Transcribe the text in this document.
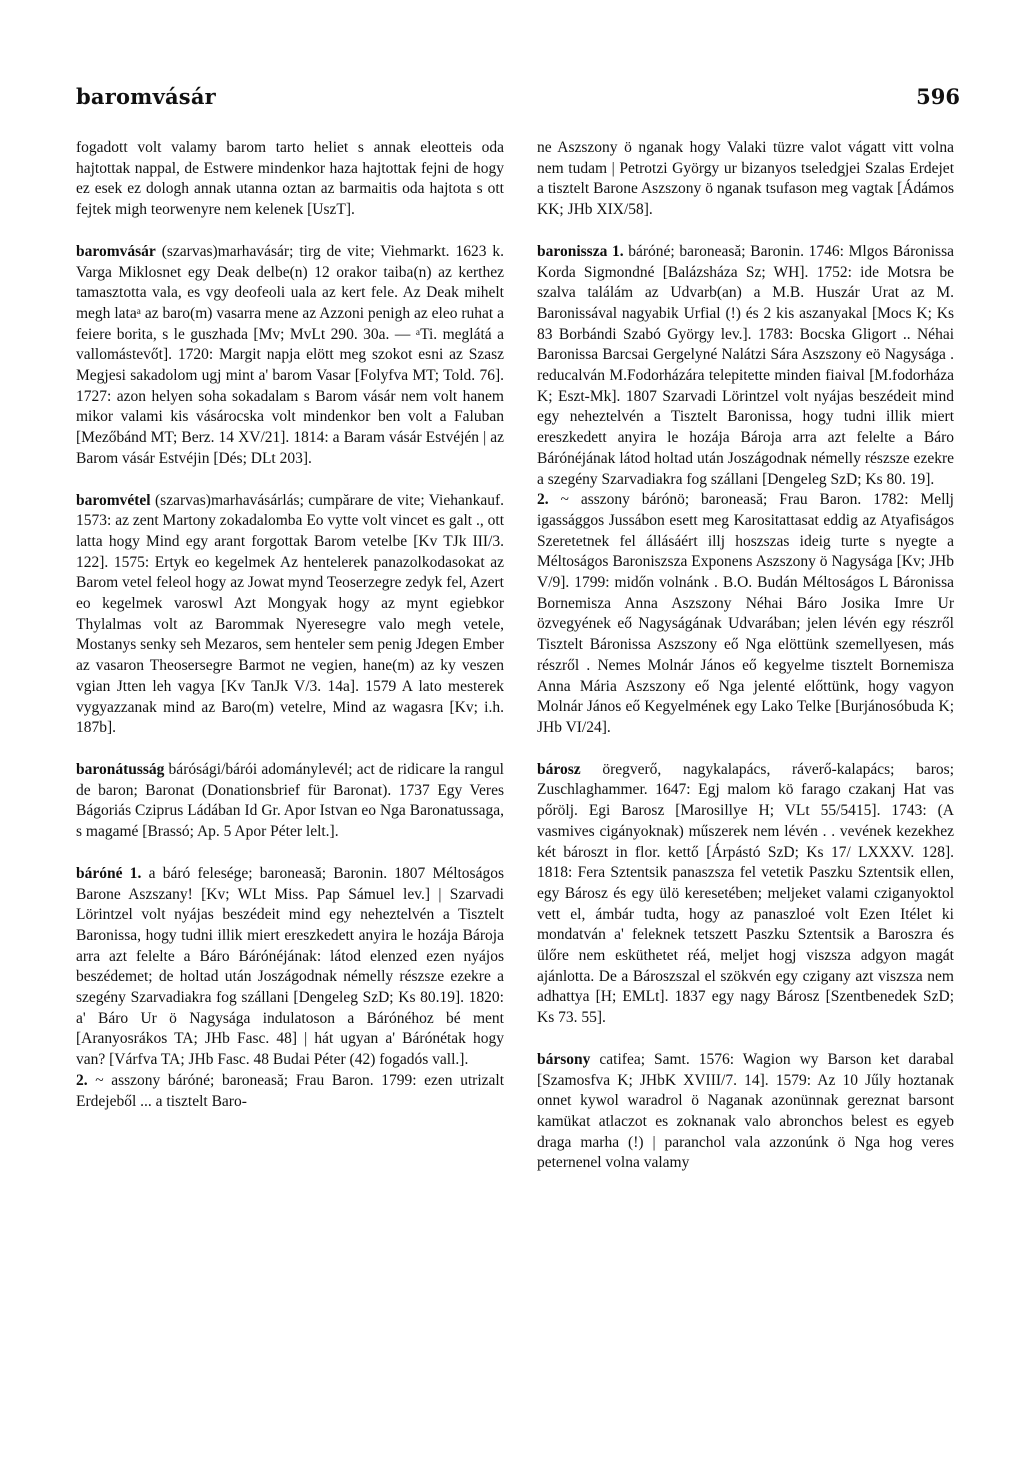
baromvásár	596

fogadott volt valamy barom tarto heliet s annak eleotteis oda hajtottak nappal, de Estwere mindenkor haza hajtottak fejni de hogy ez esek ez dologh annak utanna oztan az barmaitis oda hajtota s ott fejtek migh teorwenyre nem kelenek [UszT].

baromvásár (szarvas)marhavásár; tirg de vite; Viehmarkt. 1623 k. Varga Miklosnet egy Deak delbe(n) 12 orakor taiba(n) az kerthez tamasztotta vala, es vgy deofeoli uala az kert fele. Az Deak mihelt megh lataᵃ az baro(m) vasarra mene az Azzoni penigh az eleo ruhat a feiere borita, s le guszhada [Mv; MvLt 290. 30a. — ᵃTi. meglátá a vallomástevőt]. 1720: Margit napja elött meg szokot esni az Szasz Megjesi sakadolom ugj mint a' barom Vasar [Folyfva MT; Told. 76]. 1727: azon helyen soha sokadalam s Barom vásár nem volt hanem mikor valami kis vásárocska volt mindenkor ben volt a Faluban [Mezőbánd MT; Berz. 14 XV/21]. 1814: a Baram vásár Estvéjén | az Barom vásár Estvéjin [Dés; DLt 203].

baromvétel (szarvas)marhavásárlás; cumpărare de vite; Viehankauf. 1573: az zent Martony zokadalomba Eo vytte volt vincet es galt ., ott latta hogy Mind egy arant forgottak Barom vetelbe [Kv TJk III/3. 122]. 1575: Ertyk eo kegelmek Az hentelerek panazolkodasokat az Barom vetel feleol hogy az Jowat mynd Teoserzegre zedyk fel, Azert eo kegelmek varoswl Azt Mongyak hogy az mynt egiebkor Thylalmas volt az Barommak Nyeresegre valo megh vetele, Mostanys senky seh Mezaros, sem henteler sem penig Jdegen Ember az vasaron Theosersegre Barmot ne vegien, hane(m) az ky veszen vgian Jtten leh vagya [Kv TanJk V/3. 14a]. 1579 A lato mesterek vygyazzanak mind az Baro(m) vetelre, Mind az wagasra [Kv; i.h. 187b].

baronátusság bárósági/bárói adománylevél; act de ridicare la rangul de baron; Baronat (Donationsbrief für Baronat). 1737 Egy Veres Bágoriás Cziprus Ládában Id Gr. Apor Istvan eo Nga Baronatussaga, s magamé [Brassó; Ap. 5 Apor Péter lelt.].

báróné 1. a báró felesége; baroneasă; Baronin. 1807 Méltoságos Barone Aszszany! [Kv; WLt Miss. Pap Sámuel lev.] | Szarvadi Lörintzel volt nyájas beszédeit mind egy neheztelvén a Tisztelt Baronissa, hogy tudni illik miert ereszkedett anyira le hozája Bároja arra azt felelte a Báro Bárónéjának: látod elenzed ezen nyájos beszédemet; de holtad után Joszágodnak némelly részsze ezekre a szegény Szarvadiakra fog szállani [Dengeleg SzD; Ks 80.19]. 1820: a' Báro Ur ö Nagysága indulatoson a Bárónéhoz bé ment [Aranyosrákos TA; JHb Fasc. 48] | hát ugyan a' Bárónétak hogy van? [Várfva TA; JHb Fasc. 48 Budai Péter (42) fogadós vall.].

2. ~ asszony báróné; baroneasă; Frau Baron. 1799: ezen utrizalt Erdejeből ... a tisztelt Baro-

ne Aszszony ö nganak hogy Valaki tüzre valot vágatt vitt volna nem tudam | Petrotzi György ur bizanyos tseledgjei Szalas Erdejet a tisztelt Barone Aszszony ö nganak tsufason meg vagtak [Ádámos KK; JHb XIX/58].

baronissza 1. báróné; baroneasă; Baronin. 1746: Mlgos Báronissa Korda Sigmondné [Balázsháza Sz; WH]. 1752: ide Motsra be szalva találám az Udvarb(an) a M.B. Huszár Urat az M. Baronissával nagyabik Urfial (!) és 2 kis aszanyakal [Mocs K; Ks 83 Borbándi Szabó György lev.]. 1783: Bocska Gligort .. Néhai Baronissa Barcsai Gergelyné Nalátzi Sára Aszszony eö Nagysága . reducalván M.Fodorházára telepitette minden fiaival [M.fodorháza K; Eszt-Mk]. 1807 Szarvadi Lörintzel volt nyájas beszédeit mind egy neheztelvén a Tisztelt Baronissa, hogy tudni illik miert ereszkedett anyira le hozája Bároja arra azt felelte a Báro Bárónéjának látod holtad után Joszágodnak némelly részsze ezekre a szegény Szarvadiakra fog szállani [Dengeleg SzD; Ks 80. 19].

2. ~ asszony bárónö; baroneasă; Frau Baron. 1782: Mellj igassággos Jussábon esett meg Karositattasat eddig az Atyafiságos Szeretetnek fel állásáért illj hoszszas ideig turte s nyegte a Méltoságos Baroniszsza Exponens Aszszony ö Nagysága [Kv; JHb V/9]. 1799: midőn volnánk . B.O. Budán Méltoságos L Báronissa Bornemisza Anna Aszszony Néhai Báro Josika Imre Ur özvegyének eő Nagyságának Udvarában; jelen lévén egy részről Tisztelt Báronissa Aszszony eő Nga elöttünk szemellyesen, más részről . Nemes Molnár János eő kegyelme tisztelt Bornemisza Anna Mária Aszszony eő Nga jelenté előttünk, hogy vagyon Molnár János eő Kegyelmének egy Lako Telke [Burjánosóbuda K; JHb VI/24].

bárosz öregverő, nagykalapács, ráverő-kalapács; baros; Zuschlaghammer. 1647: Egj malom kö farago czakanj Hat vas pőrölj. Egi Barosz [Marosillye H; VLt 55/5415]. 1743: (A vasmives cigányoknak) műszerek nem lévén . . vevének kezekhez két bároszt in flor. kettő [Árpástó SzD; Ks 17/ LXXXV. 128]. 1818: Fera Sztentsik panaszsza fel vetetik Paszku Sztentsik ellen, egy Bárosz és egy ülö keresetében; meljeket valami cziganyoktol vett el, ámbár tudta, hogy az panaszloé volt Ezen Itélet ki mondatván a' feleknek tetszett Paszku Sztentsik a Baroszra és ülőre nem esküthetet réá, meljet hogj viszsza adgyon magát ajánlotta. De a Bároszszal el szökvén egy czigany azt viszsza nem adhattya [H; EMLt]. 1837 egy nagy Bárosz [Szentbenedek SzD; Ks 73. 55].

bársony catifea; Samt. 1576: Wagion wy Barson ket darabal [Szamosfva K; JHbK XVIII/7. 14]. 1579: Az 10 Jűly hoztanak onnet kywol waradrol ö Naganak azonünnak gereznat barsont kamükat atlaczot es zoknanak valo abronchos belest es egyeb draga marha (!) | paranchol vala azzonúnk ö Nga hog veres peternenel volna valamy
